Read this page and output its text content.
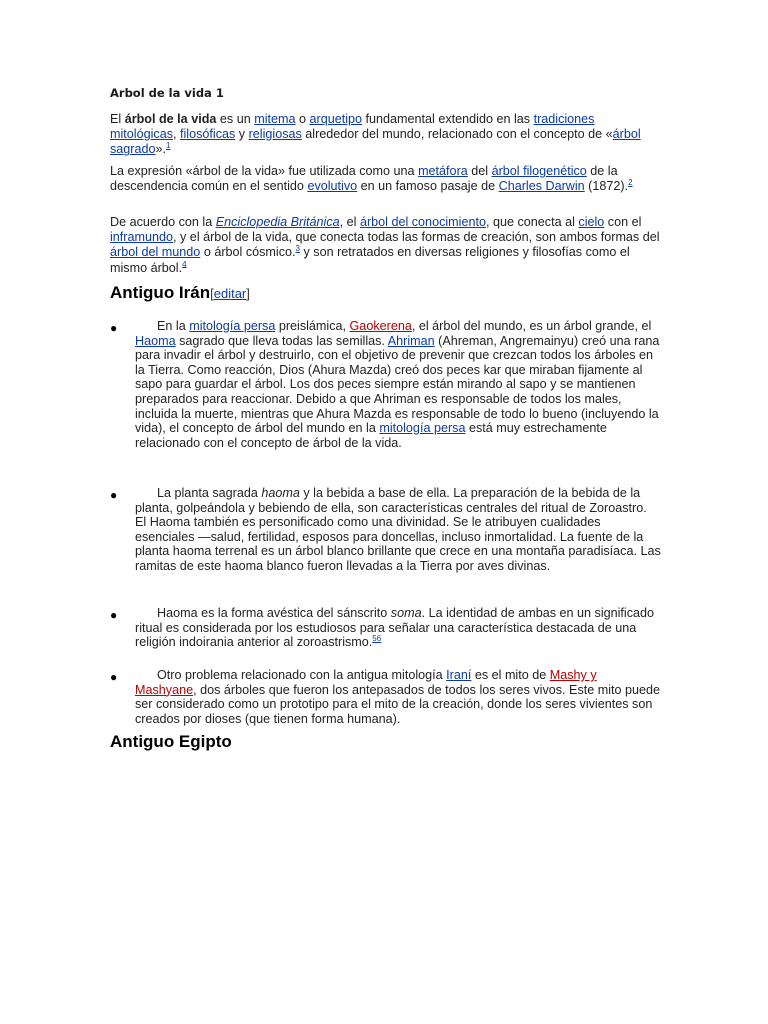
Arbol de la vida 1
El árbol de la vida es un mitema o arquetipo fundamental extendido en las tradiciones mitológicas, filosóficas y religiosas alrededor del mundo, relacionado con el concepto de «árbol sagrado».$^1$
La expresión «árbol de la vida» fue utilizada como una metáfora del árbol filogenético de la descendencia común en el sentido evolutivo en un famoso pasaje de Charles Darwin (1872).$^2$
De acuerdo con la Enciclopedia Británica, el árbol del conocimiento, que conecta al cielo con el inframundo, y el árbol de la vida, que conecta todas las formas de creación, son ambos formas del árbol del mundo o árbol cósmico.$^3$ y son retratados en diversas religiones y filosofías como el mismo árbol.$^4$
Antiguo Irán[editar]
●	En la mitología persa preislámica, Gaokerena, el árbol del mundo, es un árbol grande, el Haoma sagrado que lleva todas las semillas. Ahriman (Ahreman, Angremainyu) creó una rana para invadir el árbol y destruirlo, con el objetivo de prevenir que crezcan todos los árboles en la Tierra. Como reacción, Dios (Ahura Mazda) creó dos peces kar que miraban fijamente al sapo para guardar el árbol. Los dos peces siempre están mirando al sapo y se mantienen preparados para reaccionar. Debido a que Ahriman es responsable de todos los males, incluida la muerte, mientras que Ahura Mazda es responsable de todo lo bueno (incluyendo la vida), el concepto de árbol del mundo en la mitología persa está muy estrechamente relacionado con el concepto de árbol de la vida.
●	La planta sagrada haoma y la bebida a base de ella. La preparación de la bebida de la planta, golpeándola y bebiendo de ella, son características centrales del ritual de Zoroastro. El Haoma también es personificado como una divinidad. Se le atribuyen cualidades esenciales —salud, fertilidad, esposos para doncellas, incluso inmortalidad. La fuente de la planta haoma terrenal es un árbol blanco brillante que crece en una montaña paradisíaca. Las ramitas de este haoma blanco fueron llevadas a la Tierra por aves divinas.
●	Haoma es la forma avéstica del sánscrito soma. La identidad de ambas en un significado ritual es considerada por los estudiosos para señalar una característica destacada de una religión indoirania anterior al zoroastrismo.$^{56}$
●	Otro problema relacionado con la antigua mitología Iraní es el mito de Mashy y Mashyane, dos árboles que fueron los antepasados de todos los seres vivos. Este mito puede ser considerado como un prototipo para el mito de la creación, donde los seres vivientes son creados por dioses (que tienen forma humana).
Antiguo Egipto
